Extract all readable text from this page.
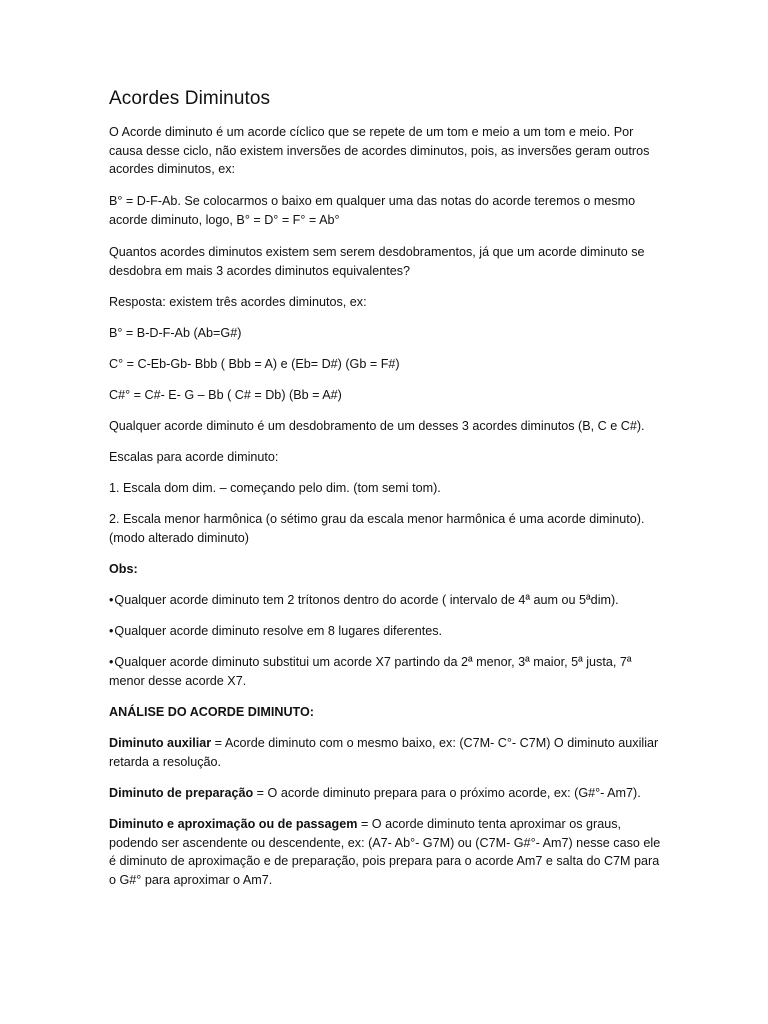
Acordes Diminutos

O Acorde diminuto é um acorde cíclico que se repete de um tom e meio a um tom e meio. Por causa desse ciclo, não existem inversões de acordes diminutos, pois, as inversões geram outros acordes diminutos, ex:

B° = D-F-Ab. Se colocarmos o baixo em qualquer uma das notas do acorde teremos o mesmo acorde diminuto, logo, B° = D° = F° = Ab°

Quantos acordes diminutos existem sem serem desdobramentos, já que um acorde diminuto se desdobra em mais 3 acordes diminutos equivalentes?

Resposta: existem três acordes diminutos, ex:

B° = B-D-F-Ab (Ab=G#)

C° = C-Eb-Gb- Bbb ( Bbb = A) e (Eb= D#) (Gb = F#)

C#° = C#- E- G – Bb ( C# = Db) (Bb = A#)

Qualquer acorde diminuto é um desdobramento de um desses 3 acordes diminutos (B, C e C#).

Escalas para acorde diminuto:

1. Escala dom dim. – começando pelo dim. (tom semi tom).

2. Escala menor harmônica (o sétimo grau da escala menor harmônica é uma acorde diminuto). (modo alterado diminuto)

Obs:

•Qualquer acorde diminuto tem 2 trítonos dentro do acorde ( intervalo de 4ª aum ou 5ªdim).

•Qualquer acorde diminuto resolve em 8 lugares diferentes.

•Qualquer acorde diminuto substitui um acorde X7 partindo da 2ª menor, 3ª maior, 5ª justa, 7ª menor desse acorde X7.

ANÁLISE DO ACORDE DIMINUTO:

Diminuto auxiliar = Acorde diminuto com o mesmo baixo, ex: (C7M- C°- C7M) O diminuto auxiliar retarda a resolução.

Diminuto de preparação = O acorde diminuto prepara para o próximo acorde, ex: (G#°- Am7).

Diminuto e aproximação ou de passagem = O acorde diminuto tenta aproximar os graus, podendo ser ascendente ou descendente, ex: (A7- Ab°- G7M) ou (C7M- G#°- Am7) nesse caso ele é diminuto de aproximação e de preparação, pois prepara para o acorde Am7 e salta do C7M para o G#° para aproximar o Am7.
